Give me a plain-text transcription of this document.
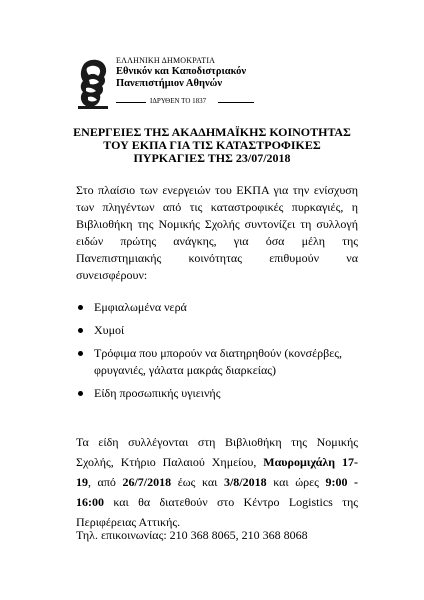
ΕΛΛΗΝΙΚΗ ΔΗΜΟΚΡΑΤΙΑ
Εθνικόν και Καποδιστριακόν
Πανεπιστήμιον Αθηνών
ΙΔΡΥΘΕΝ ΤΟ 1837
ΕΝΕΡΓΕΙΕΣ ΤΗΣ ΑΚΑΔΗΜΑΪΚΗΣ ΚΟΙΝΟΤΗΤΑΣ
ΤΟΥ ΕΚΠΑ ΓΙΑ ΤΙΣ ΚΑΤΑΣΤΡΟΦΙΚΕΣ
ΠΥΡΚΑΓΙΕΣ ΤΗΣ 23/07/2018
Στο πλαίσιο των ενεργειών του ΕΚΠΑ για την ενίσχυση
των πληγέντων από τις καταστροφικές πυρκαγιές, η
Βιβλιοθήκη της Νομικής Σχολής συντονίζει τη συλλογή
ειδών πρώτης ανάγκης, για όσα μέλη της
Πανεπιστημιακής κοινότητας επιθυμούν να
συνεισφέρουν:
Εμφιαλωμένα νερά
Χυμοί
Τρόφιμα που μπορούν να διατηρηθούν (κονσέρβες, φρυγανιές, γάλατα μακράς διαρκείας)
Είδη προσωπικής υγιεινής
Τα είδη συλλέγονται στη Βιβλιοθήκη της Νομικής
Σχολής, Κτήριο Παλαιού Χημείου, Μαυρομιχάλη 17-
19, από 26/7/2018 έως και 3/8/2018 και ώρες 9:00 -
16:00 και θα διατεθούν στο Κέντρο Logistics της
Περιφέρειας Αττικής.
Τηλ. επικοινωνίας: 210 368 8065, 210 368 8068
